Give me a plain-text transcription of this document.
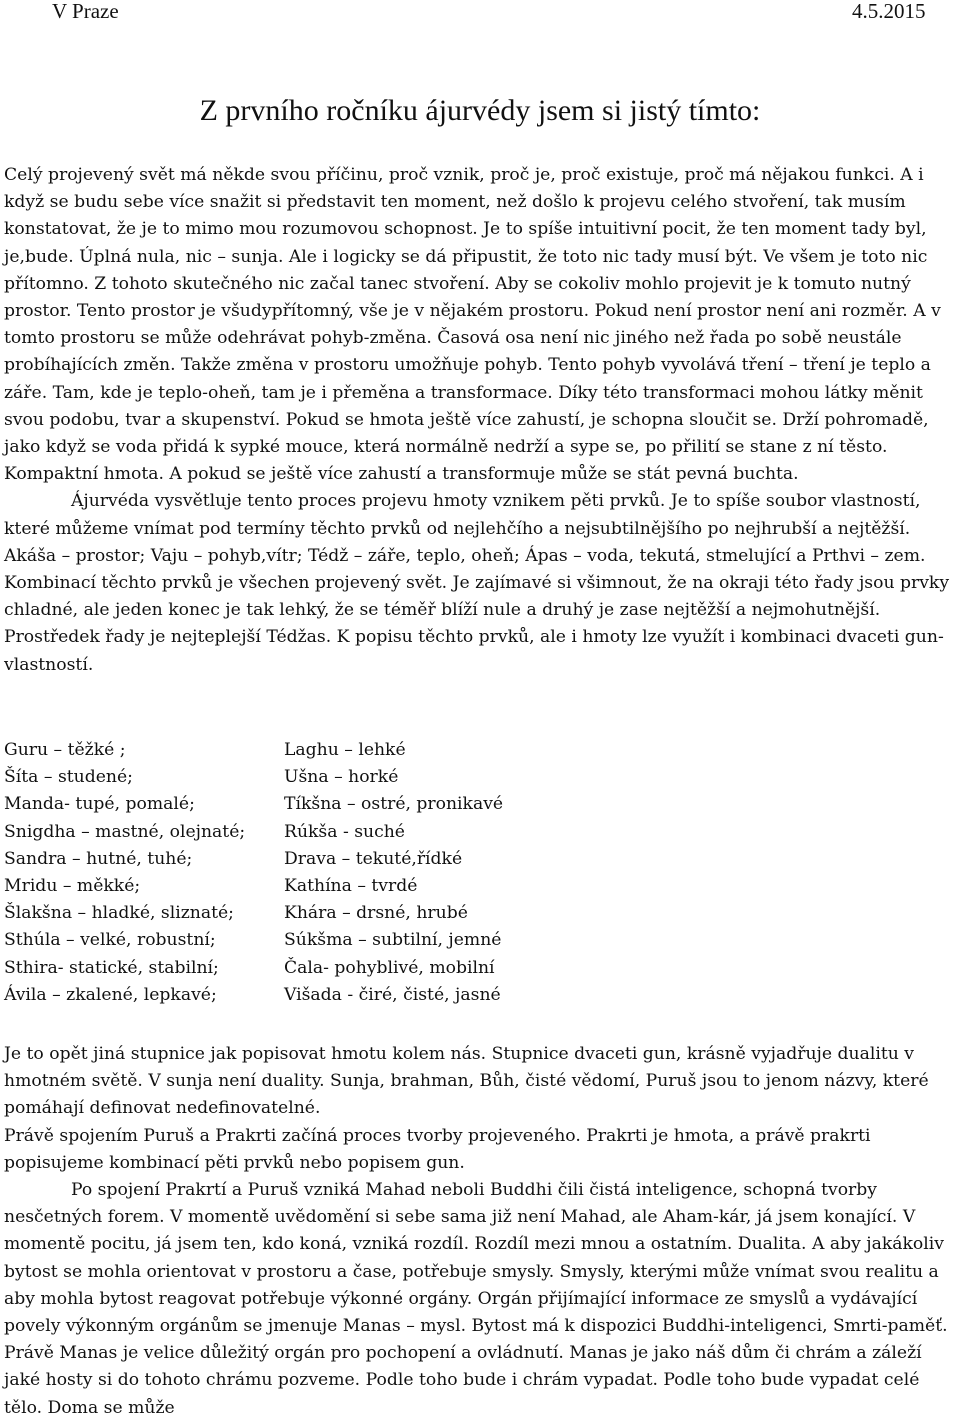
V Praze	4.5.2015
Z prvního ročníku ájurvédy jsem si jistý tímto:

Celý projevený svět má někde svou příčinu, proč vznik, proč je, proč existuje, proč má nějakou funkci. A i když se budu sebe více snažit si představit ten moment, než došlo k projevu celého stvoření, tak musím konstatovat, že je to mimo mou rozumovou schopnost. Je to spíše intuitivní pocit, že ten moment tady byl, je,bude. Úplná nula, nic – sunja. Ale i logicky se dá připustit, že toto nic tady musí být. Ve všem je toto nic přítomno. Z tohoto skutečného nic začal tanec stvoření. Aby se cokoliv mohlo projevit je k tomuto nutný prostor. Tento prostor je všudypřítomný, vše je v nějakém prostoru. Pokud není prostor není ani rozměr. A v tomto prostoru se může odehrávat pohyb-změna. Časová osa není nic jiného než řada po sobě neustále probíhajících změn. Takže změna v prostoru umožňuje pohyb. Tento pohyb vyvolává tření – tření je teplo a záře. Tam, kde je teplo-oheň, tam je i přeměna a transformace. Díky této transformaci mohou látky měnit svou podobu, tvar a skupenství. Pokud se hmota ještě více zahustí, je schopna sloučit se. Drží pohromadě, jako když se voda přidá k sypké mouce, která normálně nedrží a sype se, po přilití se stane z ní těsto. Kompaktní hmota. A pokud se ještě více zahustí a transformuje může se stát pevná buchta.

Ájurvéda vysvětluje tento proces projevu hmoty vznikem pěti prvků. Je to spíše soubor vlastností, které můžeme vnímat pod termíny těchto prvků od nejlehčího a nejsubtilnějšího po nejhrubší a nejtěžší. Akáša – prostor; Vaju – pohyb,vítr; Tédž – záře, teplo, oheň; Ápas – voda, tekutá, stmelující a Prthvi – zem. Kombinací těchto prvků je všechen projevený svět. Je zajímavé si všimnout, že na okraji této řady jsou prvky chladné, ale jeden konec je tak lehký, že se téměř blíží nule a druhý je zase nejtěžší a nejmohutnější. Prostředek řady je nejteplejší Tédžas. K popisu těchto prvků, ale i hmoty lze využít i kombinaci dvaceti gun-vlastností.

Guru – těžké ;	Laghu – lehké
Šíta – studené;	Ušna – horké
Manda- tupé, pomalé;	Tíkšna – ostré, pronikavé
Snigdha – mastné, olejnaté;	Rúkša - suché
Sandra – hutné, tuhé;	Drava – tekuté,řídké
Mridu – měkké;	Kathína – tvrdé
Šlakšna – hladké, sliznaté;	Khára – drsné, hrubé
Sthúla – velké, robustní;	Súkšma – subtilní, jemné
Sthira- statické, stabilní;	Čala- pohyblivé, mobilní
Ávila – zkalené, lepkavé;	Višada - čiré, čisté, jasné

Je to opět jiná stupnice jak popisovat hmotu kolem nás. Stupnice dvaceti gun, krásně vyjadřuje dualitu v hmotném světě. V sunja není duality. Sunja, brahman, Bůh, čisté vědomí, Puruš jsou to jenom názvy, které pomáhají definovat nedefinovatelné.

Právě spojením Puruš a Prakrti začíná proces tvorby projeveného. Prakrti je hmota, a právě prakrti popisujeme kombinací pěti prvků nebo popisem gun.

Po spojení Prakrtí a Puruš vzniká Mahad neboli Buddhi čili čistá inteligence, schopná tvorby nesčetných forem. V momentě uvědomění si sebe sama již není Mahad, ale Aham-kár, já jsem konající. V momentě pocitu, já jsem ten, kdo koná, vzniká rozdíl. Rozdíl mezi mnou a ostatním. Dualita. A aby jakákoliv bytost se mohla orientovat v prostoru a čase, potřebuje smysly. Smysly, kterými může vnímat svou realitu a aby mohla bytost reagovat potřebuje výkonné orgány. Orgán přijímající informace ze smyslů a vydávající povely výkonným orgánům se jmenuje Manas – mysl. Bytost má k dispozici Buddhi-inteligenci, Smrti-paměť. Právě Manas je velice důležitý orgán pro pochopení a ovládnutí. Manas je jako náš dům či chrám a záleží jaké hosty si do tohoto chrámu pozveme. Podle toho bude i chrám vypadat. Podle toho bude vypadat celé tělo. Doma se může
